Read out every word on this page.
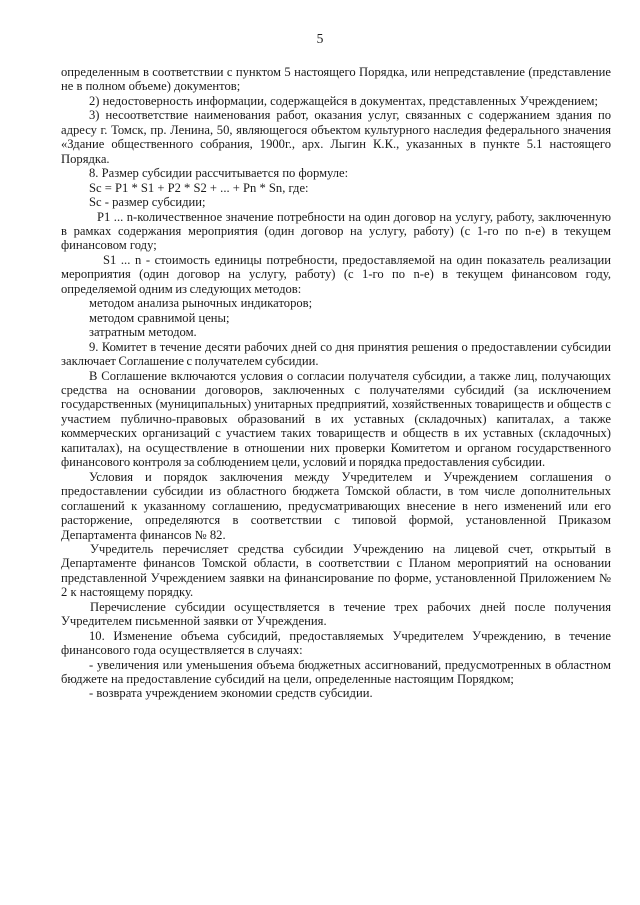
5

определенным в соответствии с пунктом 5 настоящего Порядка, или непредставление (представление не в полном объеме) документов;

2) недостоверность информации, содержащейся в документах, представленных Учреждением;

3) несоответствие наименования работ, оказания услуг, связанных с содержанием здания по адресу г. Томск, пр. Ленина, 50, являющегося объектом культурного наследия федерального значения «Здание общественного собрания, 1900г., арх. Лыгин К.К., указанных в пункте 5.1 настоящего Порядка.

8. Размер субсидии рассчитывается по формуле:

Sc = P1 * S1 + P2 * S2 + ... + Pn * Sn, где:

Sc - размер субсидии;

P1 ... n-количественное значение потребности на один договор на услугу, работу, заключенную в рамках содержания мероприятия (один договор на услугу, работу) (с 1-го по n-е) в текущем финансовом году;

S1 ... n - стоимость единицы потребности, предоставляемой на один показатель реализации мероприятия (один договор на услугу, работу) (с 1-го по n-е) в текущем финансовом году, определяемой одним из следующих методов:

методом анализа рыночных индикаторов;

методом сравнимой цены;

затратным методом.

9. Комитет в течение десяти рабочих дней со дня принятия решения о предоставлении субсидии заключает Соглашение с получателем субсидии.

В Соглашение включаются условия о согласии получателя субсидии, а также лиц, получающих средства на основании договоров, заключенных с получателями субсидий (за исключением государственных (муниципальных) унитарных предприятий, хозяйственных товариществ и обществ с участием публично-правовых образований в их уставных (складочных) капиталах, а также коммерческих организаций с участием таких товариществ и обществ в их уставных (складочных) капиталах), на осуществление в отношении них проверки Комитетом и органом государственного финансового контроля за соблюдением цели, условий и порядка предоставления субсидии.

Условия и порядок заключения между Учредителем и Учреждением соглашения о предоставлении субсидии из областного бюджета Томской области, в том числе дополнительных соглашений к указанному соглашению, предусматривающих внесение в него изменений или его расторжение, определяются в соответствии с типовой формой, установленной Приказом Департамента финансов № 82.

Учредитель перечисляет средства субсидии Учреждению на лицевой счет, открытый в Департаменте финансов Томской области, в соответствии с Планом мероприятий на основании представленной Учреждением заявки на финансирование по форме, установленной Приложением № 2 к настоящему порядку.

Перечисление субсидии осуществляется в течение трех рабочих дней после получения Учредителем письменной заявки от Учреждения.

10. Изменение объема субсидий, предоставляемых Учредителем Учреждению, в течение финансового года осуществляется в случаях:

- увеличения или уменьшения объема бюджетных ассигнований, предусмотренных в областном бюджете на предоставление субсидий на цели, определенные настоящим Порядком;

- возврата учреждением экономии средств субсидии.
